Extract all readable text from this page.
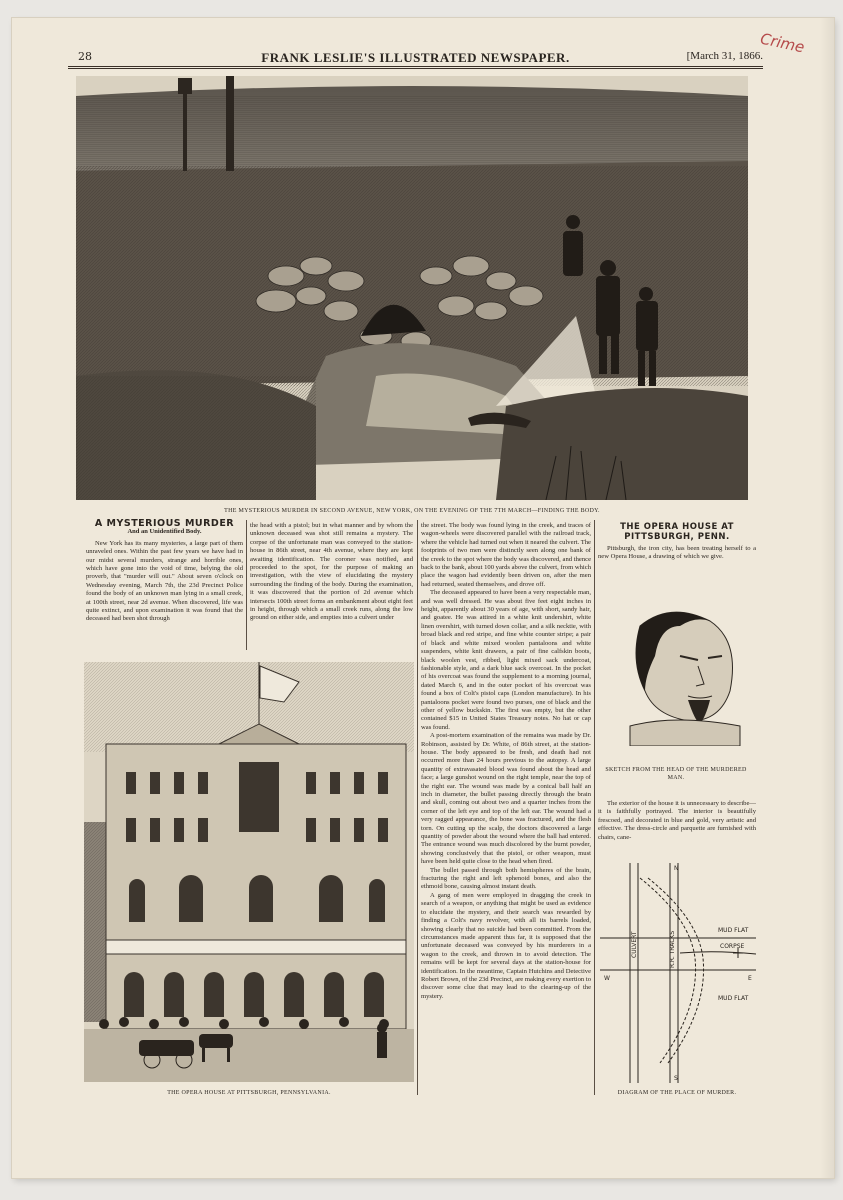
28	FRANK LESLIE'S ILLUSTRATED NEWSPAPER.	[March 31, 1866.
Crime
THE MYSTERIOUS MURDER IN SECOND AVENUE, NEW YORK, ON THE EVENING OF THE 7TH MARCH—FINDING THE BODY.
A MYSTERIOUS MURDER
And an Unidentified Body.

New York has its many mysteries, a large part of them unraveled ones. Within the past few years we have had in our midst several murders, strange and horrible ones, which have gone into the void of time, belying the old proverb, that "murder will out." About seven o'clock on Wednesday evening, March 7th, the 23d Precinct Police found the body of an unknown man lying in a small creek, at 100th street, near 2d avenue. When discovered, life was quite extinct, and upon examination it was found that the deceased had been shot through

the head with a pistol; but in what manner and by whom the unknown deceased was shot still remains a mystery. The corpse of the unfortunate man was conveyed to the station-house in 86th street, near 4th avenue, where they are kept awaiting identification. The coroner was notified, and proceeded to the spot, for the purpose of making an investigation, with the view of elucidating the mystery surrounding the finding of the body. During the examination, it was discovered that the portion of 2d avenue which intersects 100th street forms an embankment about eight feet in height, through which a small creek runs, along the low ground on either side, and empties into a culvert under

THE OPERA HOUSE AT PITTSBURGH, PENNSYLVANIA.

the street. The body was found lying in the creek, and traces of wagon-wheels were discovered parallel with the railroad track, where the vehicle had turned out when it neared the culvert. The footprints of two men were distinctly seen along one bank of the creek to the spot where the body was discovered, and thence back to the bank, about 100 yards above the culvert, from which place the wagon had evidently been driven on, after the men had returned, seated themselves, and drove off.

The deceased appeared to have been a very respectable man, and was well dressed. He was about five feet eight inches in height, apparently about 30 years of age, with short, sandy hair, and goatee. He was attired in a white knit undershirt, white linen overshirt, with turned down collar, and a silk necktie, with broad black and red stripe, and fine white counter stripe; a pair of black and white mixed woolen pantaloons and white suspenders, white knit drawers, a pair of fine calfskin boots, black woolen vest, ribbed, light mixed sack undercoat, fashionable style, and a dark blue sack overcoat. In the pocket of his overcoat was found the supplement to a morning journal, dated March 6, and in the outer pocket of his overcoat was found a box of Colt's pistol caps (London manufacture). In his pantaloons pocket were found two purses, one of black and the other of yellow buckskin. The first was empty, but the other contained $15 in United States Treasury notes. No hat or cap was found.

A post-mortem examination of the remains was made by Dr. Robinson, assisted by Dr. White, of 86th street, at the station-house. The body appeared to be fresh, and death had not occurred more than 24 hours previous to the autopsy. A large quantity of extravasated blood was found about the head and face; a large gunshot wound on the right temple, near the top of the right ear. The wound was made by a conical ball half an inch in diameter, the bullet passing directly through the brain and skull, coming out about two and a quarter inches from the corner of the left eye and top of the left ear. The wound had a very ragged appearance, the bone was fractured, and the flesh torn. On cutting up the scalp, the doctors discovered a large quantity of powder about the wound where the ball had entered. The entrance wound was much discolored by the burnt powder, showing conclusively that the pistol, or other weapon, must have been held quite close to the head when fired.

The bullet passed through both hemispheres of the brain, fracturing the right and left sphenoid bones, and also the ethmoid bone, causing almost instant death.

A gang of men were employed in dragging the creek in search of a weapon, or anything that might be used as evidence to elucidate the mystery, and their search was rewarded by finding a Colt's navy revolver, with all its barrels loaded, showing clearly that no suicide had been committed. From the circumstances made apparent thus far, it is supposed that the unfortunate deceased was conveyed by his murderers in a wagon to the creek, and thrown in to avoid detection. The remains will be kept for several days at the station-house for identification. In the meantime, Captain Hutchins and Detective Robert Brown, of the 23d Precinct, are making every exertion to discover some clue that may lead to the clearing-up of the mystery.

THE OPERA HOUSE AT PITTSBURGH, PENN.

Pittsburgh, the iron city, has been treating herself to a new Opera House, a drawing of which we give.

SKETCH FROM THE HEAD OF THE MURDERED MAN.

The exterior of the house it is unnecessary to describe—it is faithfully portrayed. The interior is beautifully frescoed, and decorated in blue and gold, very artistic and effective. The dress-circle and parquette are furnished with chairs, cane-

N
S
W	E
MUD FLAT
MUD FLAT
CORPSE
CULVERT	R.R. TRACKS
DIAGRAM OF THE PLACE OF MURDER.
